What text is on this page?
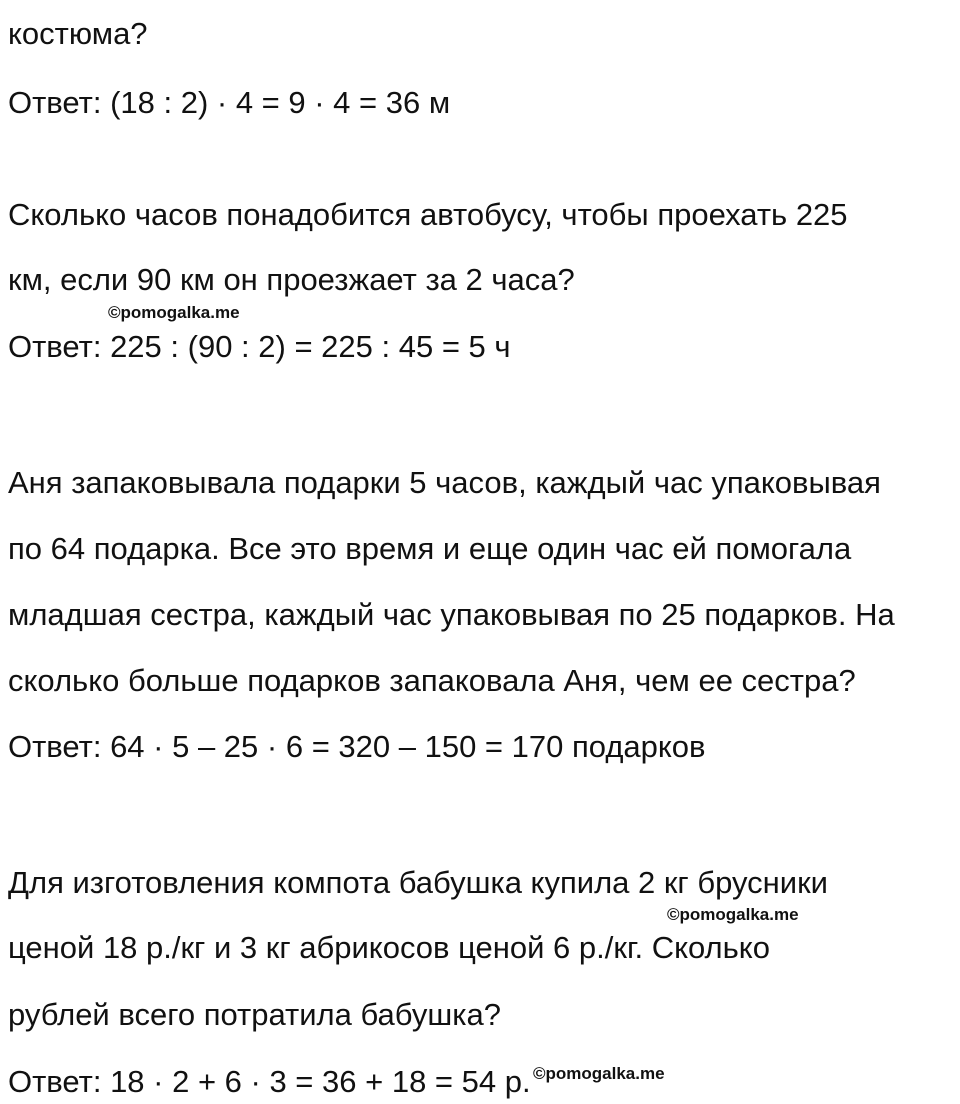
костюма?
Ответ: (18 : 2) · 4 = 9 · 4 = 36 м
Сколько часов понадобится автобусу, чтобы проехать 225
км, если 90 км он проезжает за 2 часа?
©pomogalka.me
Ответ: 225 : (90 : 2) = 225 : 45 = 5 ч
Аня запаковывала подарки 5 часов, каждый час упаковывая
по 64 подарка. Все это время и еще один час ей помогала
младшая сестра, каждый час упаковывая по 25 подарков. На
сколько больше подарков запаковала Аня, чем ее сестра?
Ответ: 64 · 5 – 25 · 6 = 320 – 150 = 170 подарков
Для изготовления компота бабушка купила 2 кг брусники
©pomogalka.me
ценой 18 р./кг и 3 кг абрикосов ценой 6 р./кг. Сколько
рублей всего потратила бабушка?
Ответ: 18 · 2 + 6 · 3 = 36 + 18 = 54 р. ©pomogalka.me
